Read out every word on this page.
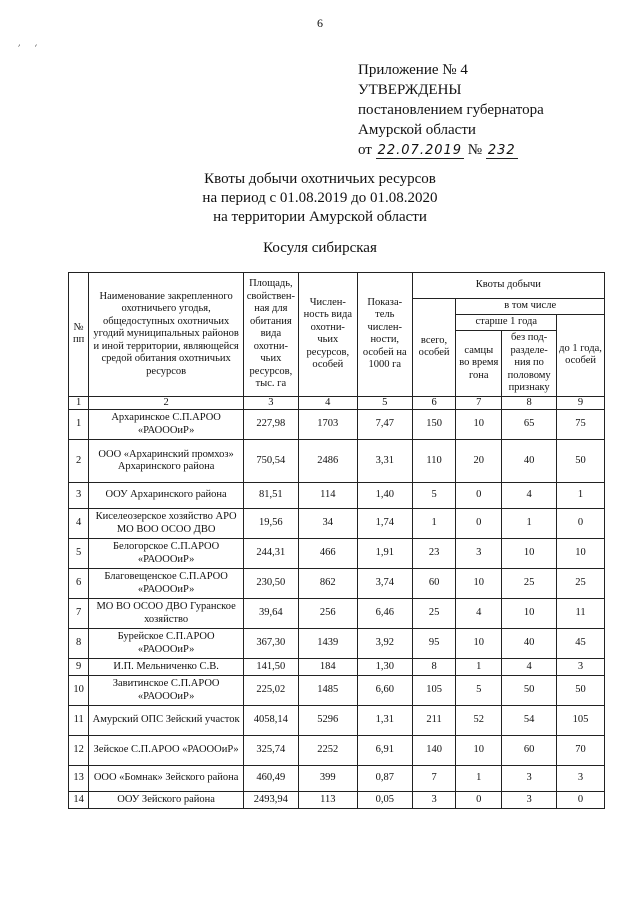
6
׳ ׳
Приложение № 4
УТВЕРЖДЕНЫ
постановлением губернатора
Амурской области
от 22.07.2019 № 232
Квоты добычи охотничьих ресурсов
на период с 01.08.2019 до 01.08.2020
на территории Амурской области
Косуля сибирская
№ пп	Наименование закрепленного охотничьего угодья, общедоступных охотничьих угодий муниципальных районов и иной территории, являющейся средой обитания охотничьих ресурсов	Площадь, свойствен-ная для обитания вида охотни-чьих ресурсов, тыс. га	Числен-ность вида охотни-чьих ресурсов, особей	Показа-тель числен-ности, особей на 1000 га	Квоты добычи			
					всего, особей	в том числе		
						старше 1 года		до 1 года, особей
						самцы во время гона	без под-разделе-ния по половому признаку	
1	2	3	4	5	6	7	8	9
1	Архаринское С.П.АРОО «РАОООиР»	227,98	1703	7,47	150	10	65	75
2	ООО «Архаринский промхоз» Архаринского района	750,54	2486	3,31	110	20	40	50
3	ООУ Архаринского района	81,51	114	1,40	5	0	4	1
4	Киселеозерское хозяйство АРО МО ВОО ОСОО ДВО	19,56	34	1,74	1	0	1	0
5	Белогорское С.П.АРОО «РАОООиР»	244,31	466	1,91	23	3	10	10
6	Благовещенское С.П.АРОО «РАОООиР»	230,50	862	3,74	60	10	25	25
7	МО ВО ОСОО ДВО Гуранское хозяйство	39,64	256	6,46	25	4	10	11
8	Бурейское С.П.АРОО «РАОООиР»	367,30	1439	3,92	95	10	40	45
9	И.П. Мельниченко С.В.	141,50	184	1,30	8	1	4	3
10	Завитинское С.П.АРОО «РАОООиР»	225,02	1485	6,60	105	5	50	50
11	Амурский ОПС Зейский участок	4058,14	5296	1,31	211	52	54	105
12	Зейское С.П.АРОО «РАОООиР»	325,74	2252	6,91	140	10	60	70
13	ООО «Бомнак» Зейского района	460,49	399	0,87	7	1	3	3
14	ООУ Зейского района	2493,94	113	0,05	3	0	3	0
